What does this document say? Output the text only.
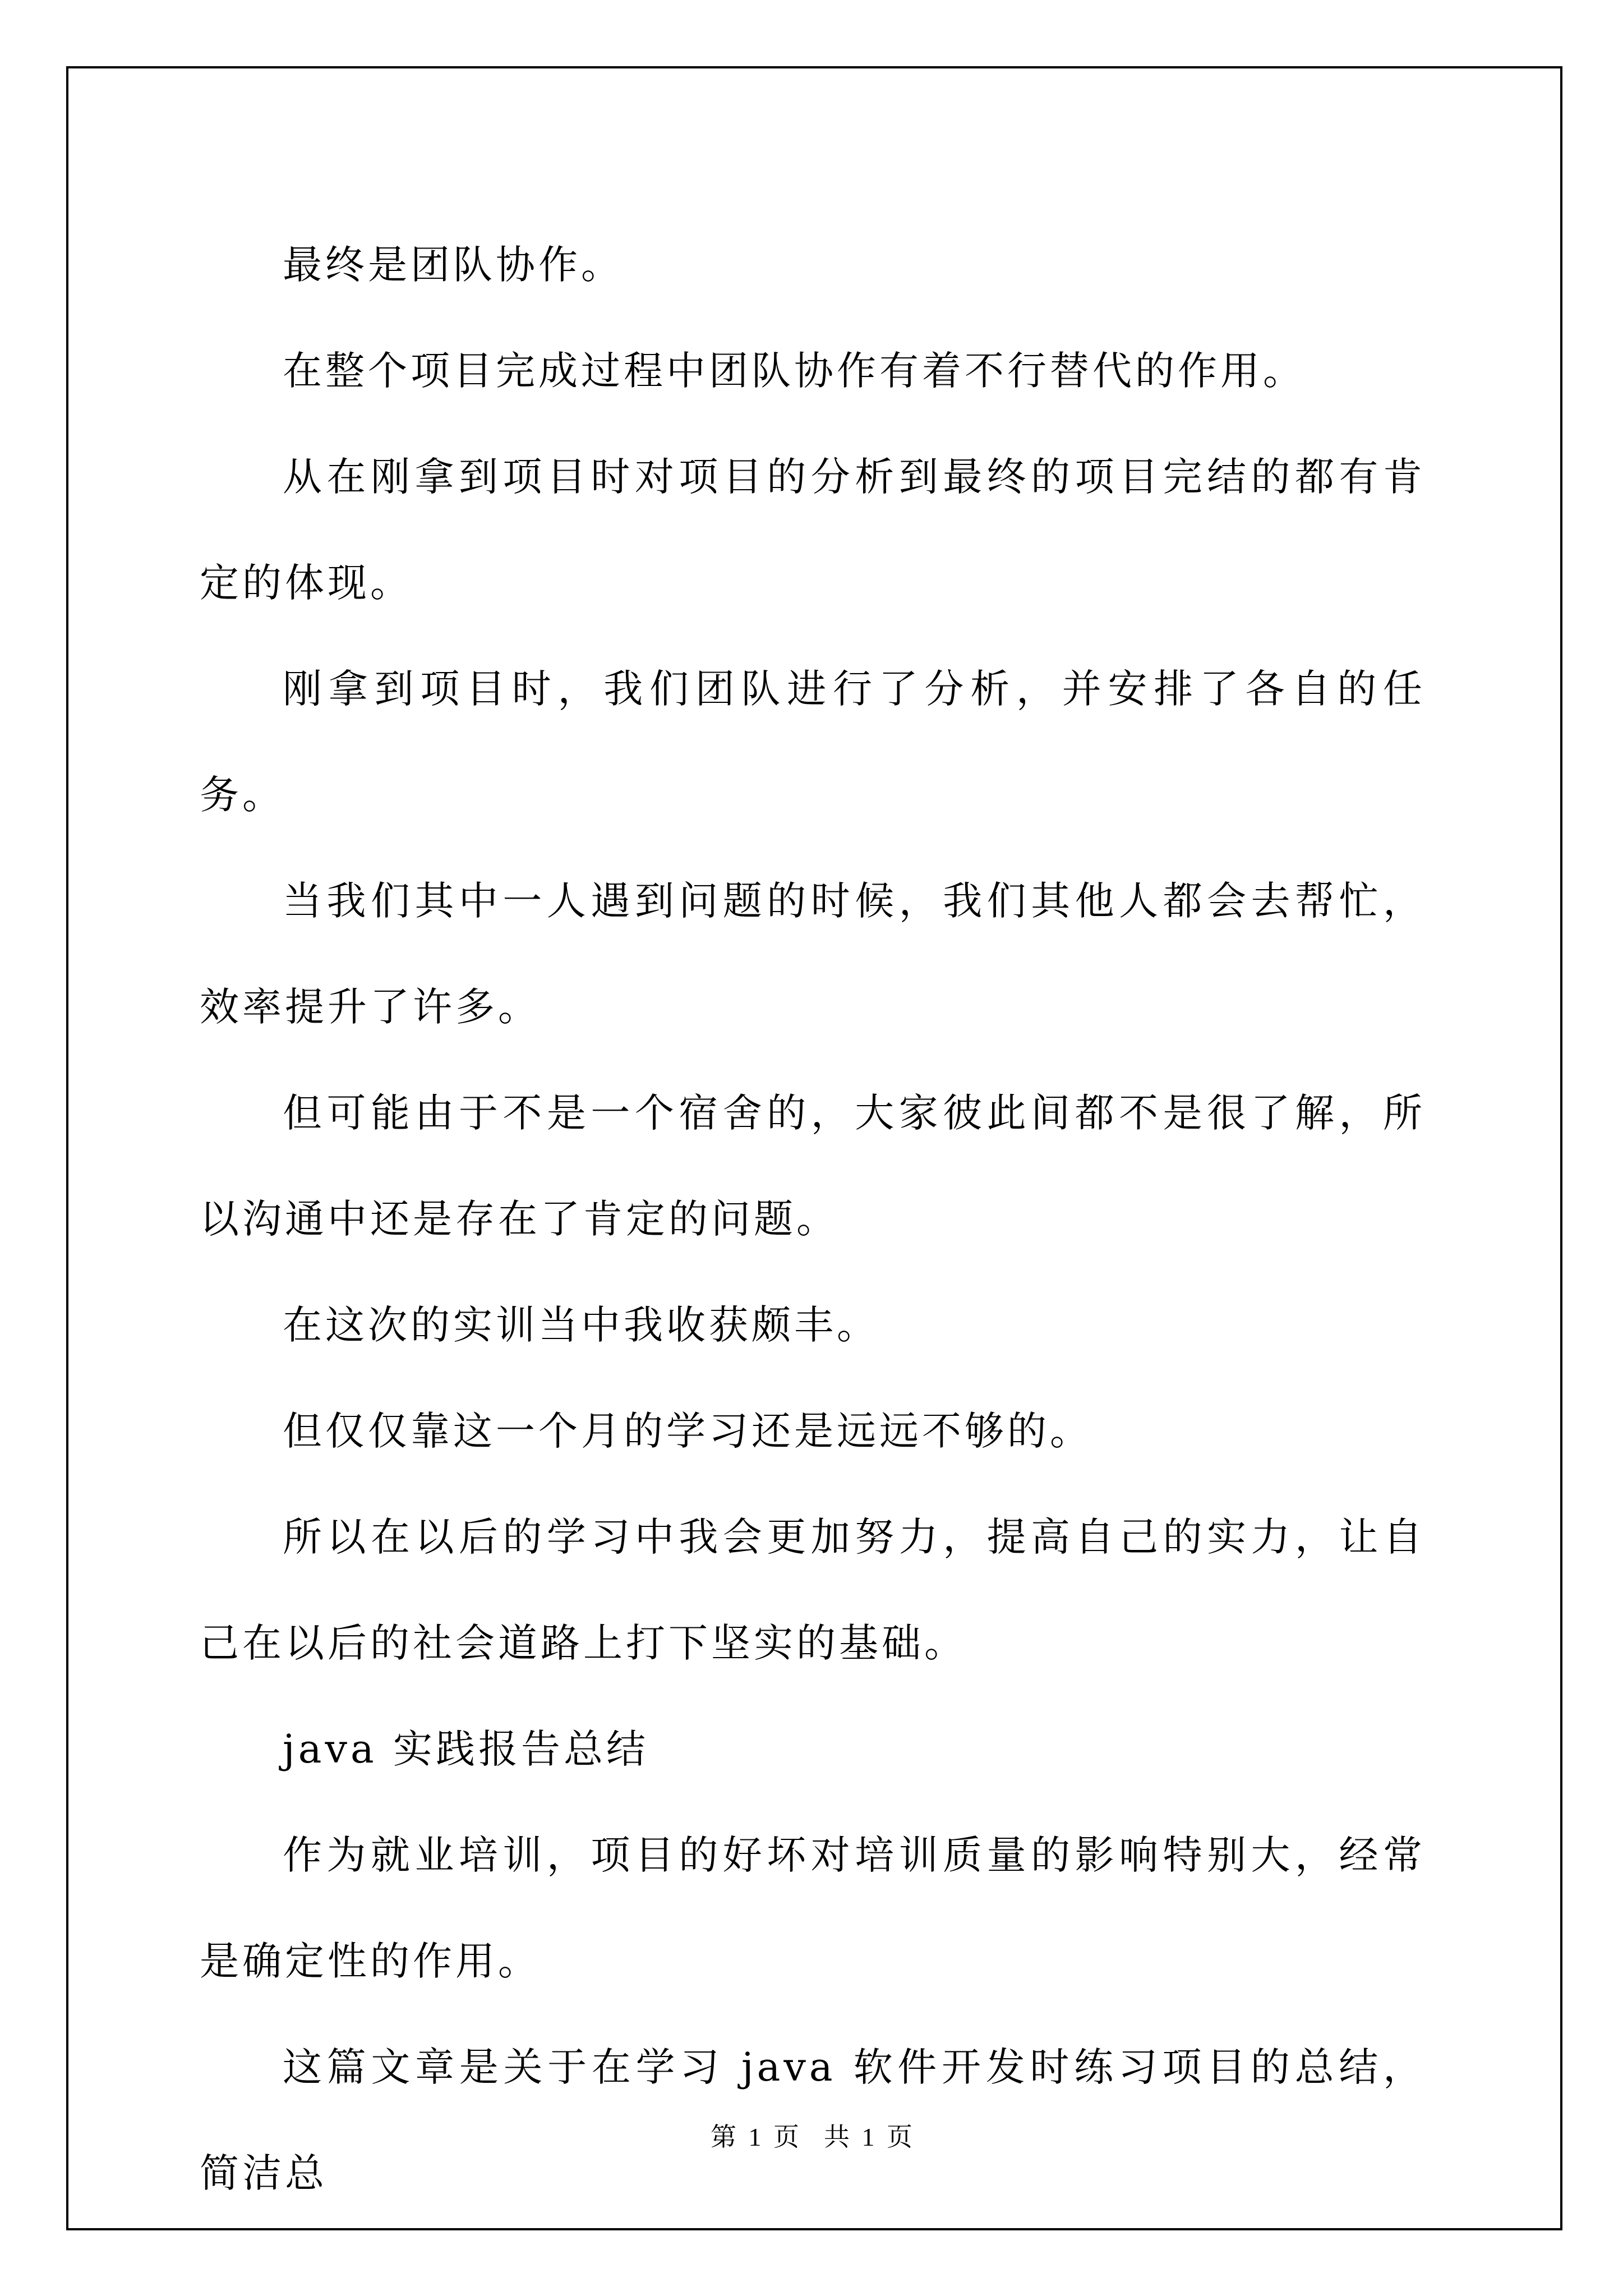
最终是团队协作。

在整个项目完成过程中团队协作有着不行替代的作用。

从在刚拿到项目时对项目的分析到最终的项目完结的都有肯定的体现。

刚拿到项目时，我们团队进行了分析，并安排了各自的任务。

当我们其中一人遇到问题的时候，我们其他人都会去帮忙，效率提升了许多。

但可能由于不是一个宿舍的，大家彼此间都不是很了解，所以沟通中还是存在了肯定的问题。

在这次的实训当中我收获颇丰。

但仅仅靠这一个月的学习还是远远不够的。

所以在以后的学习中我会更加努力，提高自己的实力，让自己在以后的社会道路上打下坚实的基础。

java 实践报告总结

作为就业培训，项目的好坏对培训质量的影响特别大，经常是确定性的作用。

这篇文章是关于在学习 java 软件开发时练习项目的总结，简洁总

第 1 页 共 1 页
